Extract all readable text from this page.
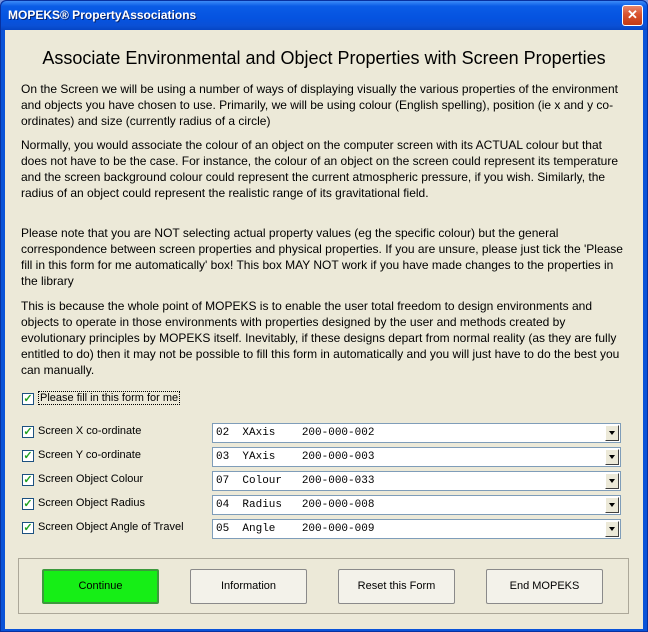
MOPEKS® PropertyAssociations	✕
Associate Environmental and Object Properties with Screen Properties

On the Screen we will be using a number of ways of displaying visually the various properties of the environment and objects you have chosen to use. Primarily, we will be using colour (English spelling), position (ie x and y co-ordinates) and size (currently radius of a circle)

Normally, you would associate the colour of an object on the computer screen with its ACTUAL colour but that does not have to be the case. For instance, the colour of an object on the screen could represent its temperature and the screen background colour could represent the current atmospheric pressure, if you wish. Similarly, the radius of an object could represent the realistic range of its gravitational field.

Please note that you are NOT selecting actual property values (eg the specific colour) but the general correspondence between screen properties and physical properties. If you are unsure, please just tick the 'Please fill in this form for me automatically' box! This box MAY NOT work if you have made changes to the properties in the library

This is because the whole point of MOPEKS is to enable the user total freedom to design environments and objects to operate in those environments with properties designed by the user and methods created by evolutionary principles by MOPEKS itself. Inevitably, if these designs depart from normal reality (as they are fully entitled to do) then it may not be possible to fill this form in automatically and you will just have to do the best you can manually.

✓ Please fill in this form for me
✓ Screen X co-ordinate	02  XAxis    200-000-002
✓ Screen Y co-ordinate	03  YAxis    200-000-003
✓ Screen Object Colour	07  Colour   200-000-033
✓ Screen Object Radius	04  Radius   200-000-008
✓ Screen Object Angle of Travel	05  Angle    200-000-009
Continue	Information	Reset this Form	End MOPEKS
